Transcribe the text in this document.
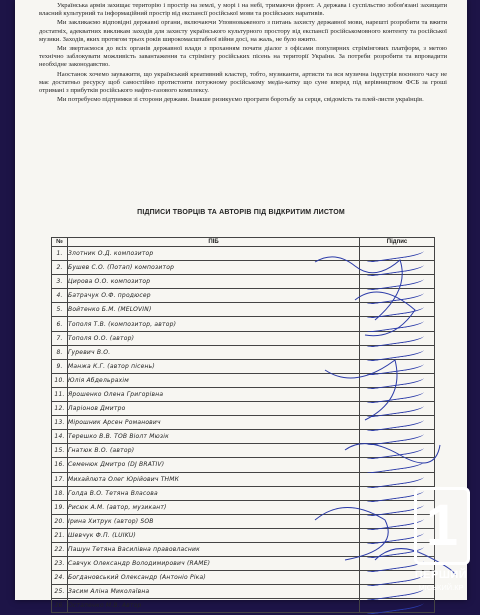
Українська армія захищає територію і простір на землі, у морі і на небі, тримаючи фронт. А держава і суспільство зобов'язані захищати власний культурний та інформаційний простір від експансії російської мови та російських наративів.

Ми закликаємо відповідні державні органи, включаючи Уповноваженого з питань захисту державної мови, нарешті розробити та вжити достатніх, адекватних викликам заходів для захисту українського культурного простору від експансії російськомовного контенту та російської музики. Заходів, яких протягом трьох років широкомасштабної війни досі, на жаль, не було вжито.

Ми звертаємося до всіх органів державної влади з проханням почати діалог з офісами популярних стрімінгових платформ, з метою технічно заблокувати можливість завантаження та стрімінгу російських пісень на території України. За потреби розробити та впровадити необхідне законодавство.

Наостанок хочемо зауважити, що український креативний кластер, тобто, музиканти, артисти та вся музична індустрія воєнного часу не має достатньо ресурсу щоб самостійно протистояти потужному російському медіа-катку що суне вперед під керівництвом ФСБ за гроші отримані з прибутків російського нафто-газового комплексу.

Ми потребуємо підтримки зі сторони держави. Інакше ризикуємо програти боротьбу за серця, свідомість та плей-листи українців.

ПІДПИСИ ТВОРЦІВ ТА АВТОРІВ ПІД ВІДКРИТИМ ЛИСТОМ
№	ПІБ	Підпис
1.	Злотник О.Д. композитор	

2.	Бушев С.О. (Потап) композитор	

3.	Цирова О.О. композитор	

4.	Батрачук О.Ф. продюсер	

5.	Войтенко Б.М. (MELOVIN)	

6.	Тополя Т.В. (композитор, автор)	

7.	Тополя О.О. (автор)	

8.	Гуревич В.О.	

9.	Манжа К.Г. (автор пісень)	

10.	Юлія Абдельрахім	

11.	Ярошенко Олена Григорівна	

12.	Ларіонов Дмитро	

13.	Мірошник Арсен Романович	

14.	Терешко В.В. ТОВ Віолт Мюзік	

15.	Гнатюк В.О. (автор)	

16.	Семенюк Дмитро (DJ BRATIV)	

17.	Михайлюта Олег Юрійович ТНМК	

18.	Голда В.О. Тетяна Власова	

19.	Рисюк А.М. (автор, музикант)	

20.	Ірина Хитрук (автор) SOB	

21.	Шевчук Ф.П. (LUIKU)	

22.	Пашун Тетяна Василівна правовласник	

23.	Савчук Олександр Володимирович (RAME)	

24.	Богдановський Олександр (Антоніо Ріка)	

25.	Засим Аліна Миколаївна	

26.	Остапенко М.В. Автор	
1
ПЕРШИЙ
МІСЬКИЙ.КР
